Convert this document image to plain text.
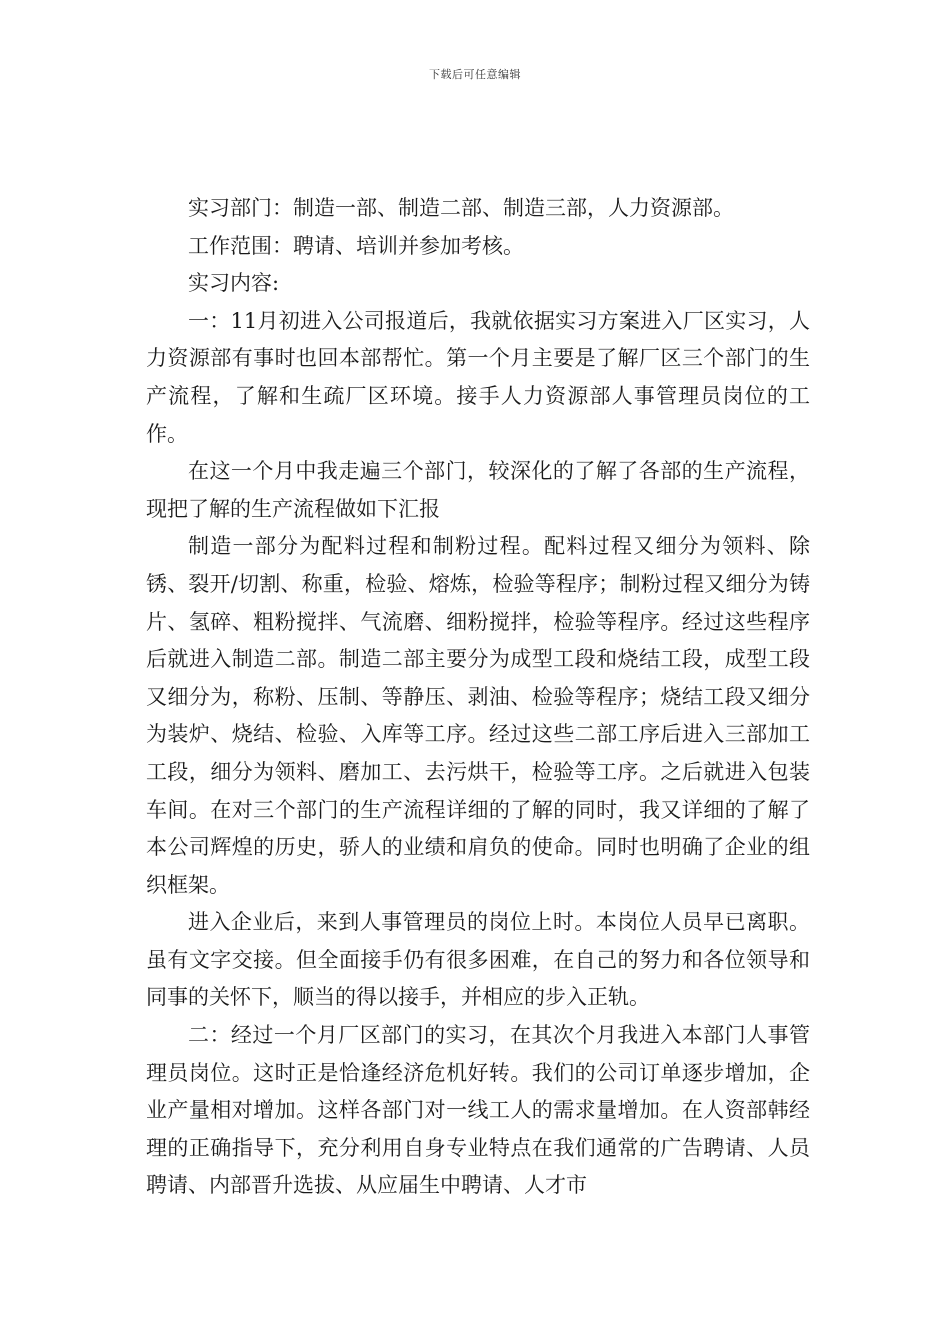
下载后可任意编辑

实习部门：制造一部、制造二部、制造三部，人力资源部。

工作范围：聘请、培训并参加考核。

实习内容:

一：11月初进入公司报道后，我就依据实习方案进入厂区实习，人力资源部有事时也回本部帮忙。第一个月主要是了解厂区三个部门的生产流程，了解和生疏厂区环境。接手人力资源部人事管理员岗位的工作。

在这一个月中我走遍三个部门，较深化的了解了各部的生产流程，现把了解的生产流程做如下汇报

制造一部分为配料过程和制粉过程。配料过程又细分为领料、除锈、裂开/切割、称重，检验、熔炼，检验等程序；制粉过程又细分为铸片、氢碎、粗粉搅拌、气流磨、细粉搅拌，检验等程序。经过这些程序后就进入制造二部。制造二部主要分为成型工段和烧结工段，成型工段又细分为，称粉、压制、等静压、剥油、检验等程序；烧结工段又细分为装炉、烧结、检验、入库等工序。经过这些二部工序后进入三部加工工段，细分为领料、磨加工、去污烘干，检验等工序。之后就进入包装车间。在对三个部门的生产流程详细的了解的同时，我又详细的了解了本公司辉煌的历史，骄人的业绩和肩负的使命。同时也明确了企业的组织框架。

进入企业后，来到人事管理员的岗位上时。本岗位人员早已离职。虽有文字交接。但全面接手仍有很多困难，在自己的努力和各位领导和同事的关怀下，顺当的得以接手，并相应的步入正轨。

二：经过一个月厂区部门的实习，在其次个月我进入本部门人事管理员岗位。这时正是恰逢经济危机好转。我们的公司订单逐步增加，企业产量相对增加。这样各部门对一线工人的需求量增加。在人资部韩经理的正确指导下，充分利用自身专业特点在我们通常的广告聘请、人员聘请、内部晋升选拔、从应届生中聘请、人才市
